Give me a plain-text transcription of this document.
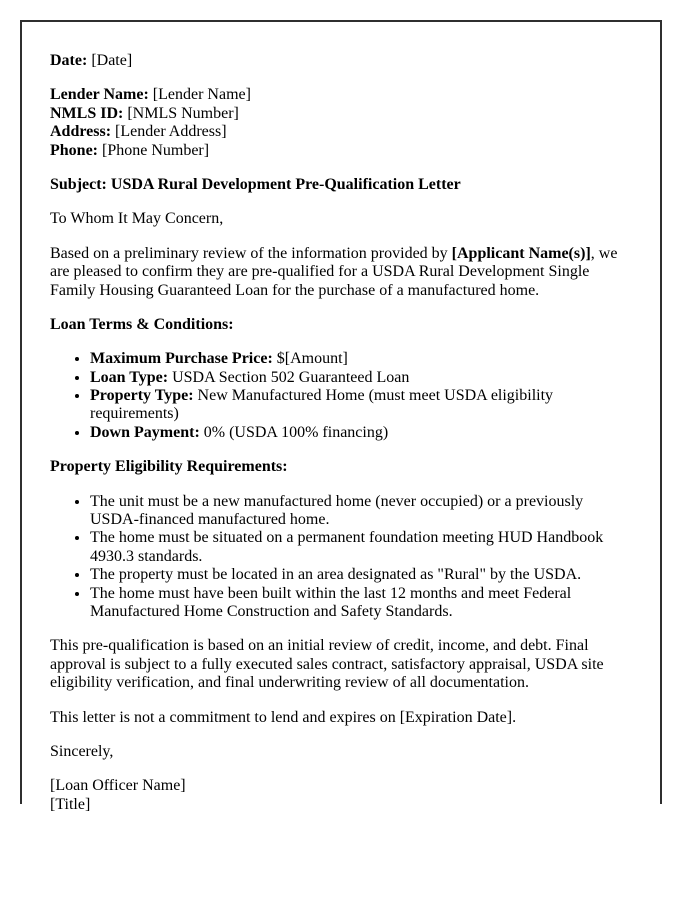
Date: [Date]

Lender Name: [Lender Name]
NMLS ID: [NMLS Number]
Address: [Lender Address]
Phone: [Phone Number]

Subject: USDA Rural Development Pre-Qualification Letter

To Whom It May Concern,

Based on a preliminary review of the information provided by [Applicant Name(s)], we are pleased to confirm they are pre-qualified for a USDA Rural Development Single Family Housing Guaranteed Loan for the purchase of a manufactured home.

Loan Terms & Conditions:

• Maximum Purchase Price: $[Amount]
• Loan Type: USDA Section 502 Guaranteed Loan
• Property Type: New Manufactured Home (must meet USDA eligibility requirements)
• Down Payment: 0% (USDA 100% financing)

Property Eligibility Requirements:

• The unit must be a new manufactured home (never occupied) or a previously USDA-financed manufactured home.
• The home must be situated on a permanent foundation meeting HUD Handbook 4930.3 standards.
• The property must be located in an area designated as "Rural" by the USDA.
• The home must have been built within the last 12 months and meet Federal Manufactured Home Construction and Safety Standards.

This pre-qualification is based on an initial review of credit, income, and debt. Final approval is subject to a fully executed sales contract, satisfactory appraisal, USDA site eligibility verification, and final underwriting review of all documentation.

This letter is not a commitment to lend and expires on [Expiration Date].

Sincerely,

[Loan Officer Name]
[Title]
